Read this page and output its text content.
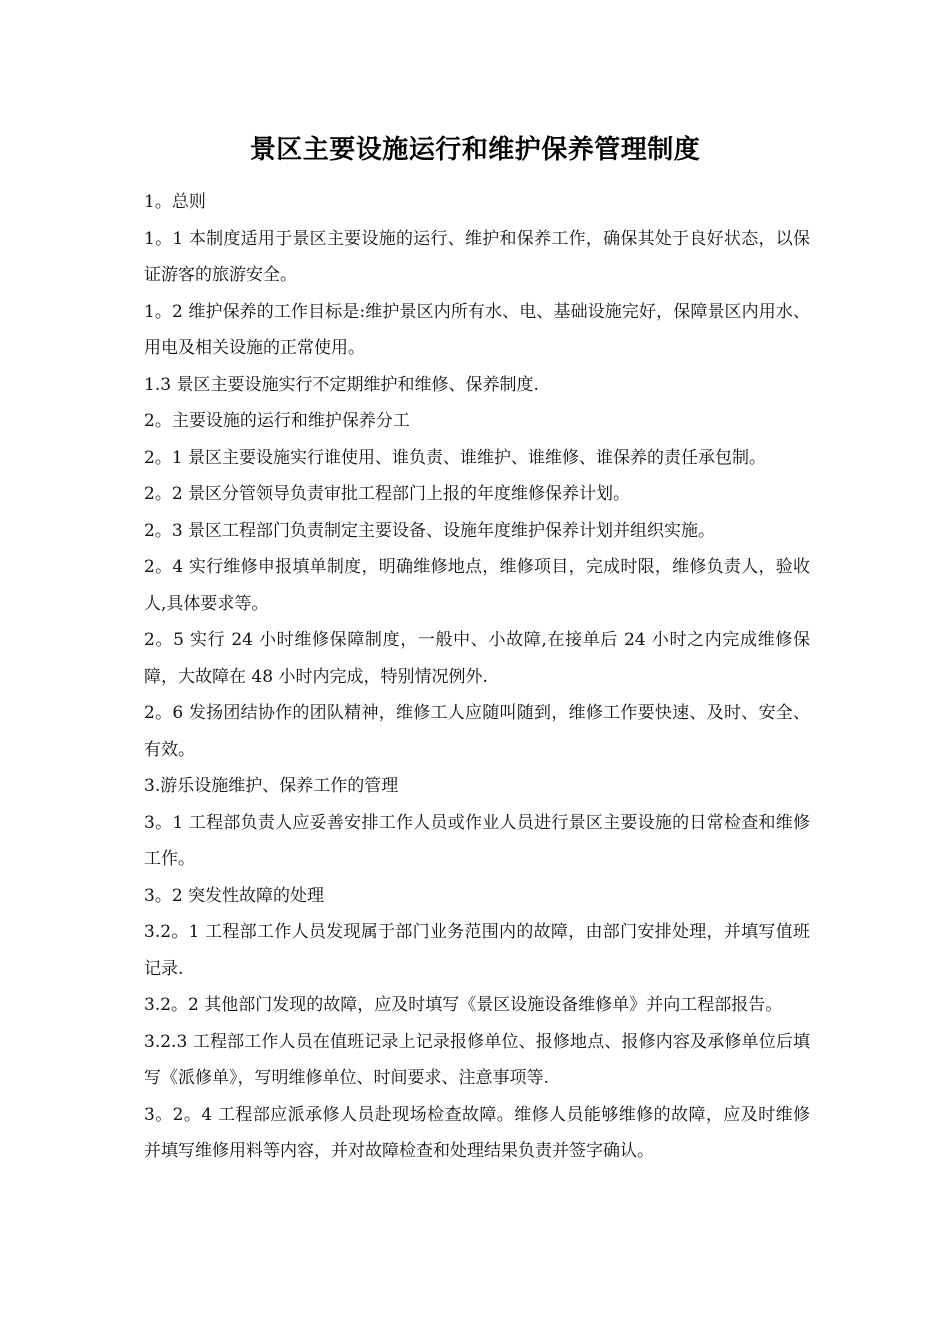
景区主要设施运行和维护保养管理制度

1。总则

1。1 本制度适用于景区主要设施的运行、维护和保养工作，确保其处于良好状态，以保证游客的旅游安全。

1。2 维护保养的工作目标是:维护景区内所有水、电、基础设施完好，保障景区内用水、用电及相关设施的正常使用。

1.3 景区主要设施实行不定期维护和维修、保养制度.

2。主要设施的运行和维护保养分工

2。1 景区主要设施实行谁使用、谁负责、谁维护、谁维修、谁保养的责任承包制。

2。2 景区分管领导负责审批工程部门上报的年度维修保养计划。

2。3 景区工程部门负责制定主要设备、设施年度维护保养计划并组织实施。

2。4 实行维修申报填单制度，明确维修地点，维修项目，完成时限，维修负责人，验收人,具体要求等。

2。5 实行 24 小时维修保障制度，一般中、小故障,在接单后 24 小时之内完成维修保障，大故障在 48 小时内完成，特别情况例外.

2。6 发扬团结协作的团队精神，维修工人应随叫随到，维修工作要快速、及时、安全、有效。

3.游乐设施维护、保养工作的管理

3。1 工程部负责人应妥善安排工作人员或作业人员进行景区主要设施的日常检查和维修工作。

3。2 突发性故障的处理

3.2。1 工程部工作人员发现属于部门业务范围内的故障，由部门安排处理，并填写值班记录.

3.2。2 其他部门发现的故障，应及时填写《景区设施设备维修单》并向工程部报告。

3.2.3 工程部工作人员在值班记录上记录报修单位、报修地点、报修内容及承修单位后填写《派修单》，写明维修单位、时间要求、注意事项等.

3。2。4 工程部应派承修人员赴现场检查故障。维修人员能够维修的故障，应及时维修并填写维修用料等内容，并对故障检查和处理结果负责并签字确认。
